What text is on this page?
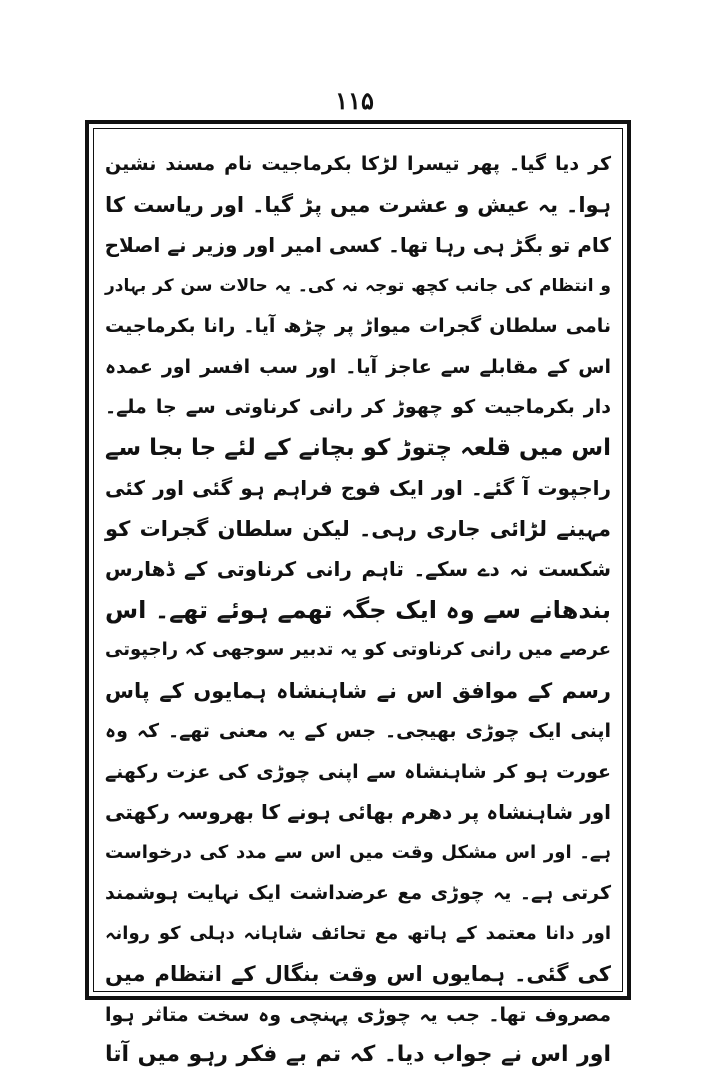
۱۱۵
کر دیا گیا۔ پھر تیسرا لڑکا بکرماجیت نام مسند نشین
ہوا۔ یہ عیش و عشرت میں پڑ گیا۔ اور ریاست کا
کام تو بگڑ ہی رہا تھا۔ کسی امیر اور وزیر نے اصلاح
و انتظام کی جانب کچھ توجہ نہ کی۔ یہ حالات سن کر بہادر
نامی سلطان گجرات میواڑ پر چڑھ آیا۔ رانا بکرماجیت
اس کے مقابلے سے عاجز آیا۔ اور سب افسر اور عمدہ
دار بکرماجیت کو چھوڑ کر رانی کرناوتی سے جا ملے۔
اس میں قلعہ چتوڑ کو بچانے کے لئے جا بجا سے
راجپوت آ گئے۔ اور ایک فوج فراہم ہو گئی اور کئی
مہینے لڑائی جاری رہی۔ لیکن سلطان گجرات کو
شکست نہ دے سکے۔ تاہم رانی کرناوتی کے ڈھارس
بندھانے سے وہ ایک جگہ تھمے ہوئے تھے۔ اس
عرصے میں رانی کرناوتی کو یہ تدبیر سوجھی کہ راجپوتی
رسم کے موافق اس نے شاہنشاہ ہمایوں کے پاس
اپنی ایک چوڑی بھیجی۔ جس کے یہ معنی تھے۔ کہ وہ
عورت ہو کر شاہنشاہ سے اپنی چوڑی کی عزت رکھنے
اور شاہنشاہ پر دھرم بھائی ہونے کا بھروسہ رکھتی
ہے۔ اور اس مشکل وقت میں اس سے مدد کی درخواست
کرتی ہے۔ یہ چوڑی مع عرضداشت ایک نہایت ہوشمند
اور دانا معتمد کے ہاتھ مع تحائف شاہانہ دہلی کو روانہ
کی گئی۔ ہمایوں اس وقت بنگال کے انتظام میں
مصروف تھا۔ جب یہ چوڑی پہنچی وہ سخت متاثر ہوا
اور اس نے جواب دیا۔ کہ تم بے فکر رہو میں آتا
